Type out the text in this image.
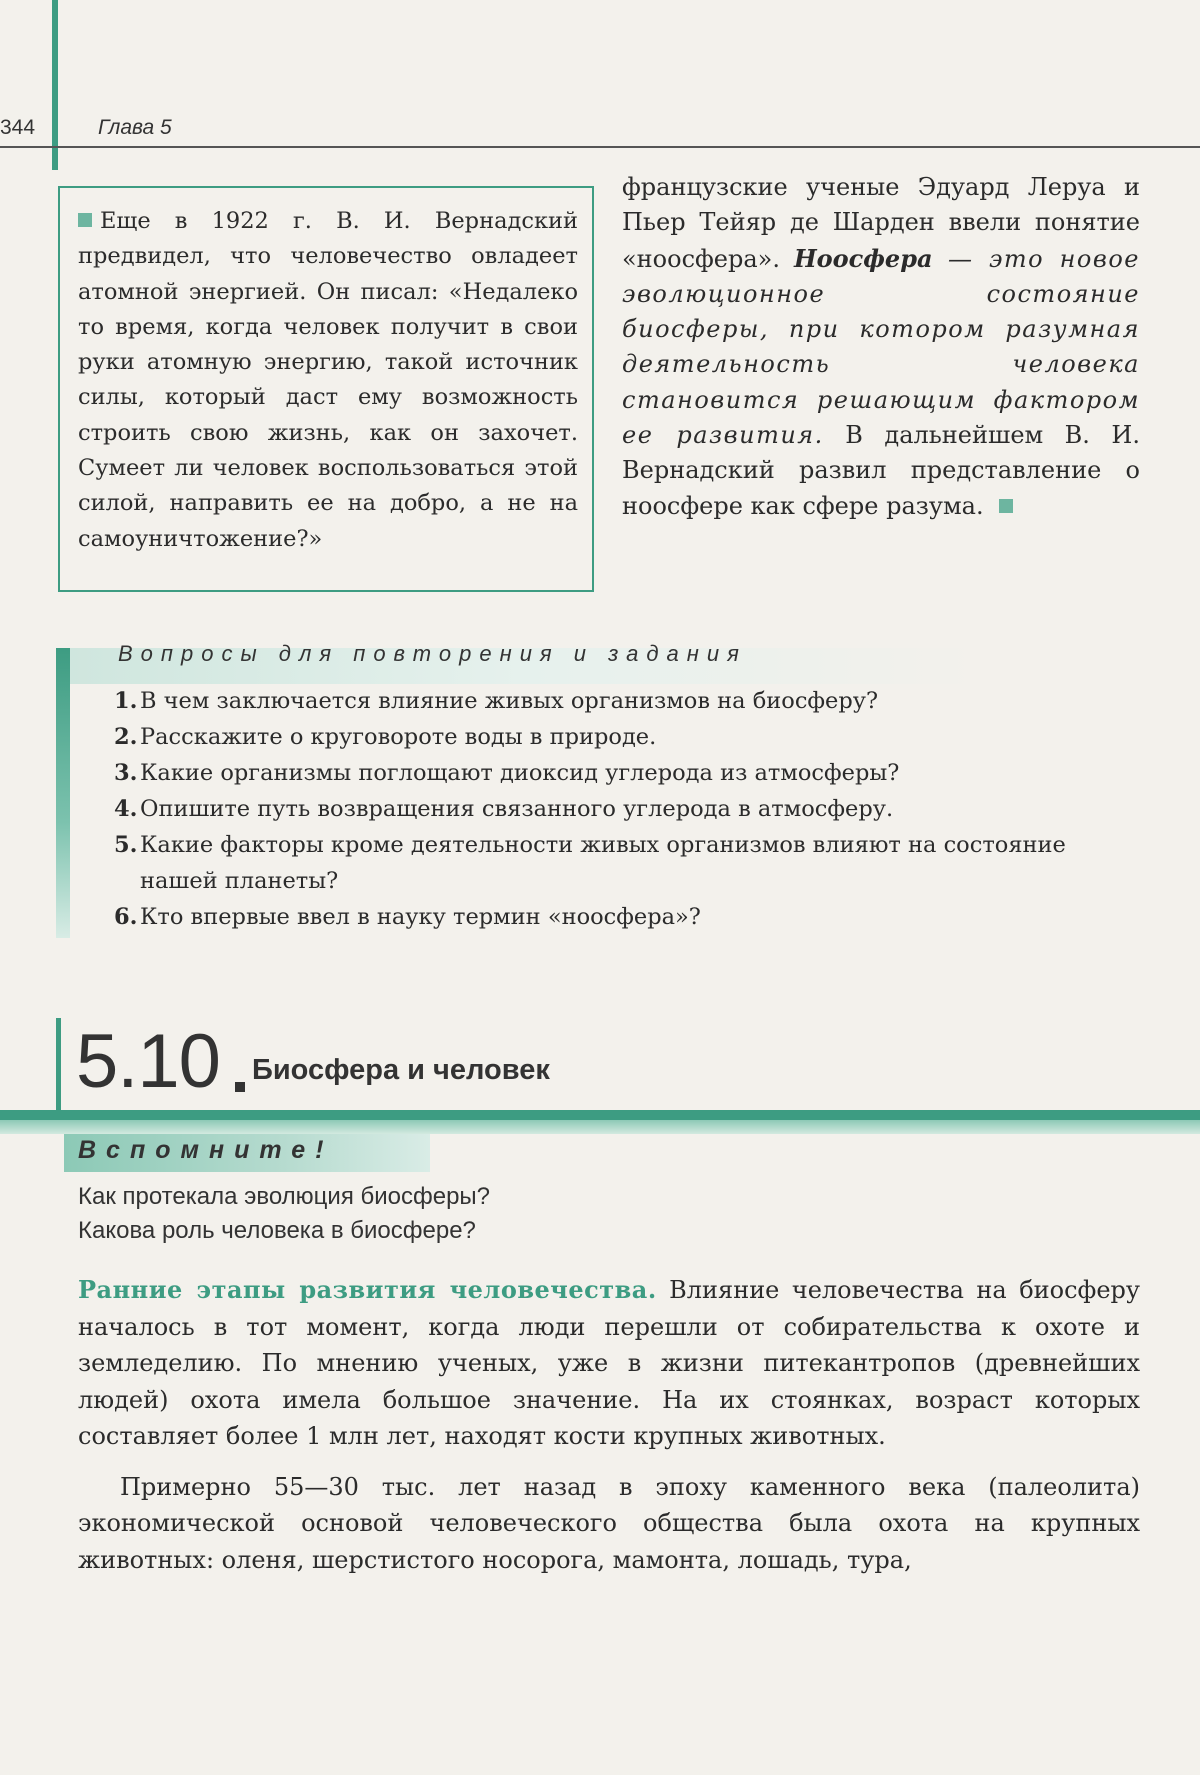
344	Глава 5

Еще в 1922 г. В. И. Вернадский предвидел, что человечество овладеет атомной энергией. Он писал: «Недалеко то время, когда человек получит в свои руки атомную энергию, такой источник силы, который даст ему возможность строить свою жизнь, как он захочет. Сумеет ли человек воспользоваться этой силой, направить ее на добро, а не на самоуничтожение?»

французские ученые Эдуард Леруа и Пьер Тейяр де Шарден ввели понятие «ноосфера». Ноосфера — это новое эволюционное состояние биосферы, при котором разумная деятельность человека становится решающим фактором ее развития. В дальнейшем В. И. Вернадский развил представление о ноосфере как сфере разума.
Вопросы для повторения и задания
1. В чем заключается влияние живых организмов на биосферу?
2. Расскажите о круговороте воды в природе.
3. Какие организмы поглощают диоксид углерода из атмосферы?
4. Опишите путь возвращения связанного углерода в атмосферу.
5. Какие факторы кроме деятельности живых организмов влияют на состояние нашей планеты?
6. Кто впервые ввел в науку термин «ноосфера»?
5.10 Биосфера и человек
Вспомните!
Как протекала эволюция биосферы?
Какова роль человека в биосфере?

Ранние этапы развития человечества. Влияние человечества на биосферу началось в тот момент, когда люди перешли от собирательства к охоте и земледелию. По мнению ученых, уже в жизни питекантропов (древнейших людей) охота имела большое значение. На их стоянках, возраст которых составляет более 1 млн лет, находят кости крупных животных.

Примерно 55—30 тыс. лет назад в эпоху каменного века (палеолита) экономической основой человеческого общества была охота на крупных животных: оленя, шерстистого носорога, мамонта, лошадь, тура,
